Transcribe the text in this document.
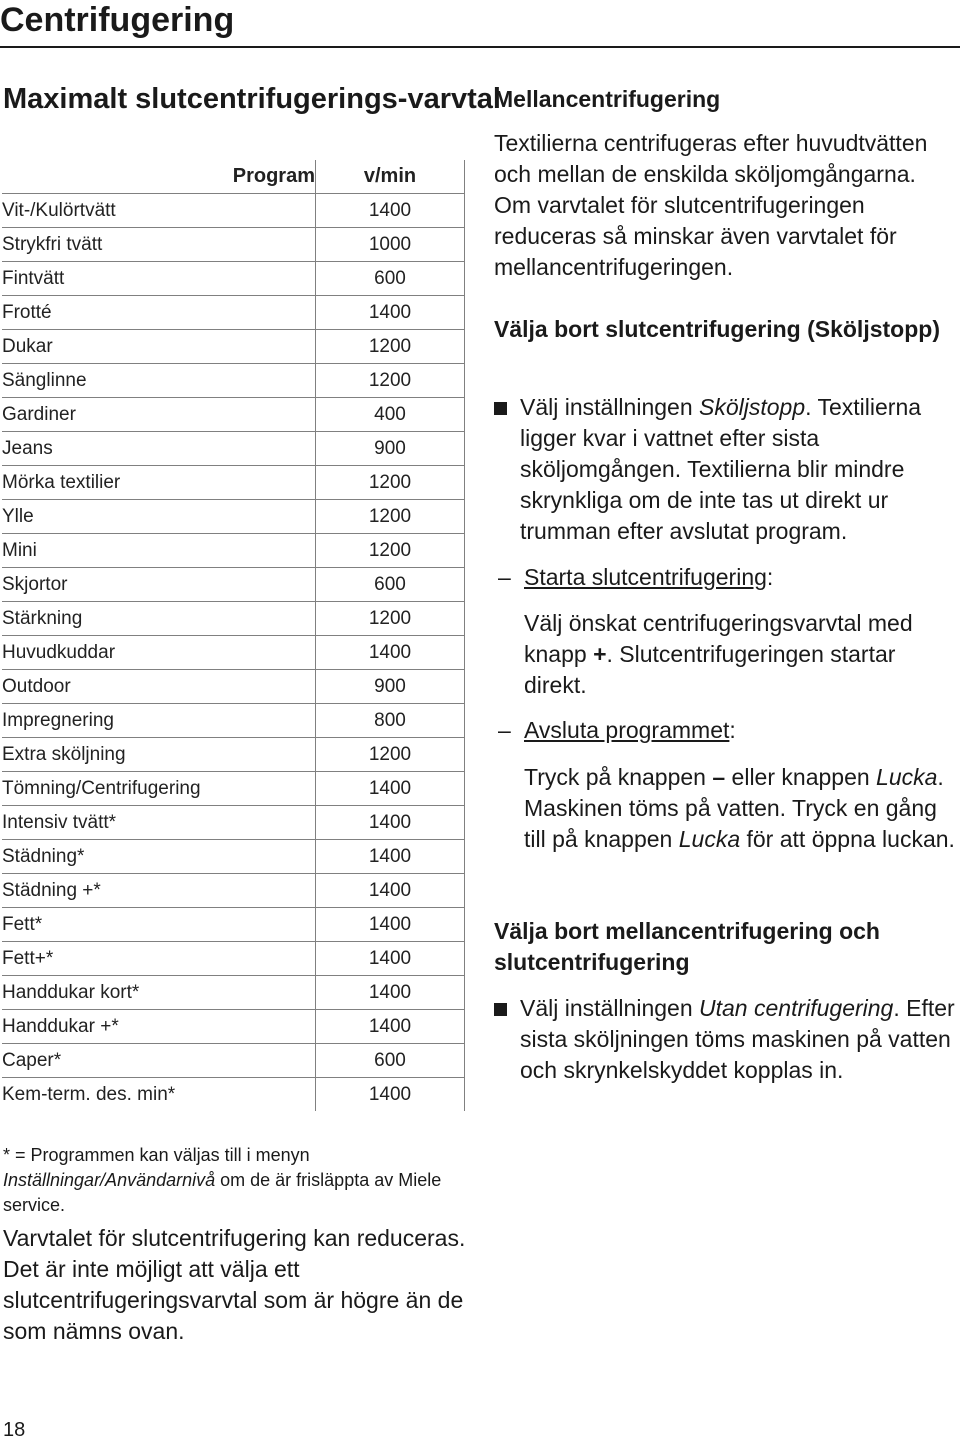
Centrifugering
Maximalt slutcentrifugerings-varvtal
Program	v/min
Vit-/Kulörtvätt	1400
Strykfri tvätt	1000
Fintvätt	600
Frotté	1400
Dukar	1200
Sänglinne	1200
Gardiner	400
Jeans	900
Mörka textilier	1200
Ylle	1200
Mini	1200
Skjortor	600
Stärkning	1200
Huvudkuddar	1400
Outdoor	900
Impregnering	800
Extra sköljning	1200
Tömning/Centrifugering	1400
Intensiv tvätt*	1400
Städning*	1400
Städning +*	1400
Fett*	1400
Fett+*	1400
Handdukar kort*	1400
Handdukar +*	1400
Caper*	600
Kem-term. des. min*	1400
* = Programmen kan väljas till i menyn Inställningar/Användarnivå om de är frisläppta av Miele service.
Varvtalet för slutcentrifugering kan reduceras. Det är inte möjligt att välja ett slutcentrifugeringsvarvtal som är högre än de som nämns ovan.

Mellancentrifugering

Textilierna centrifugeras efter huvudtvätten och mellan de enskilda sköljomgångarna. Om varvtalet för slutcentrifugeringen reduceras så minskar även varvtalet för mellancentrifugeringen.

Välja bort slutcentrifugering (Sköljstopp)

Välj inställningen Sköljstopp. Textilierna ligger kvar i vattnet efter sista sköljomgången. Textilierna blir mindre skrynkliga om de inte tas ut direkt ur trumman efter avslutat program.
– Starta slutcentrifugering:
Välj önskat centrifugeringsvarvtal med knapp +. Slutcentrifugeringen startar direkt.
– Avsluta programmet:
Tryck på knappen – eller knappen Lucka. Maskinen töms på vatten. Tryck en gång till på knappen Lucka för att öppna luckan.

Välja bort mellancentrifugering och slutcentrifugering

Välj inställningen Utan centrifugering. Efter sista sköljningen töms maskinen på vatten och skrynkelskyddet kopplas in.
18
